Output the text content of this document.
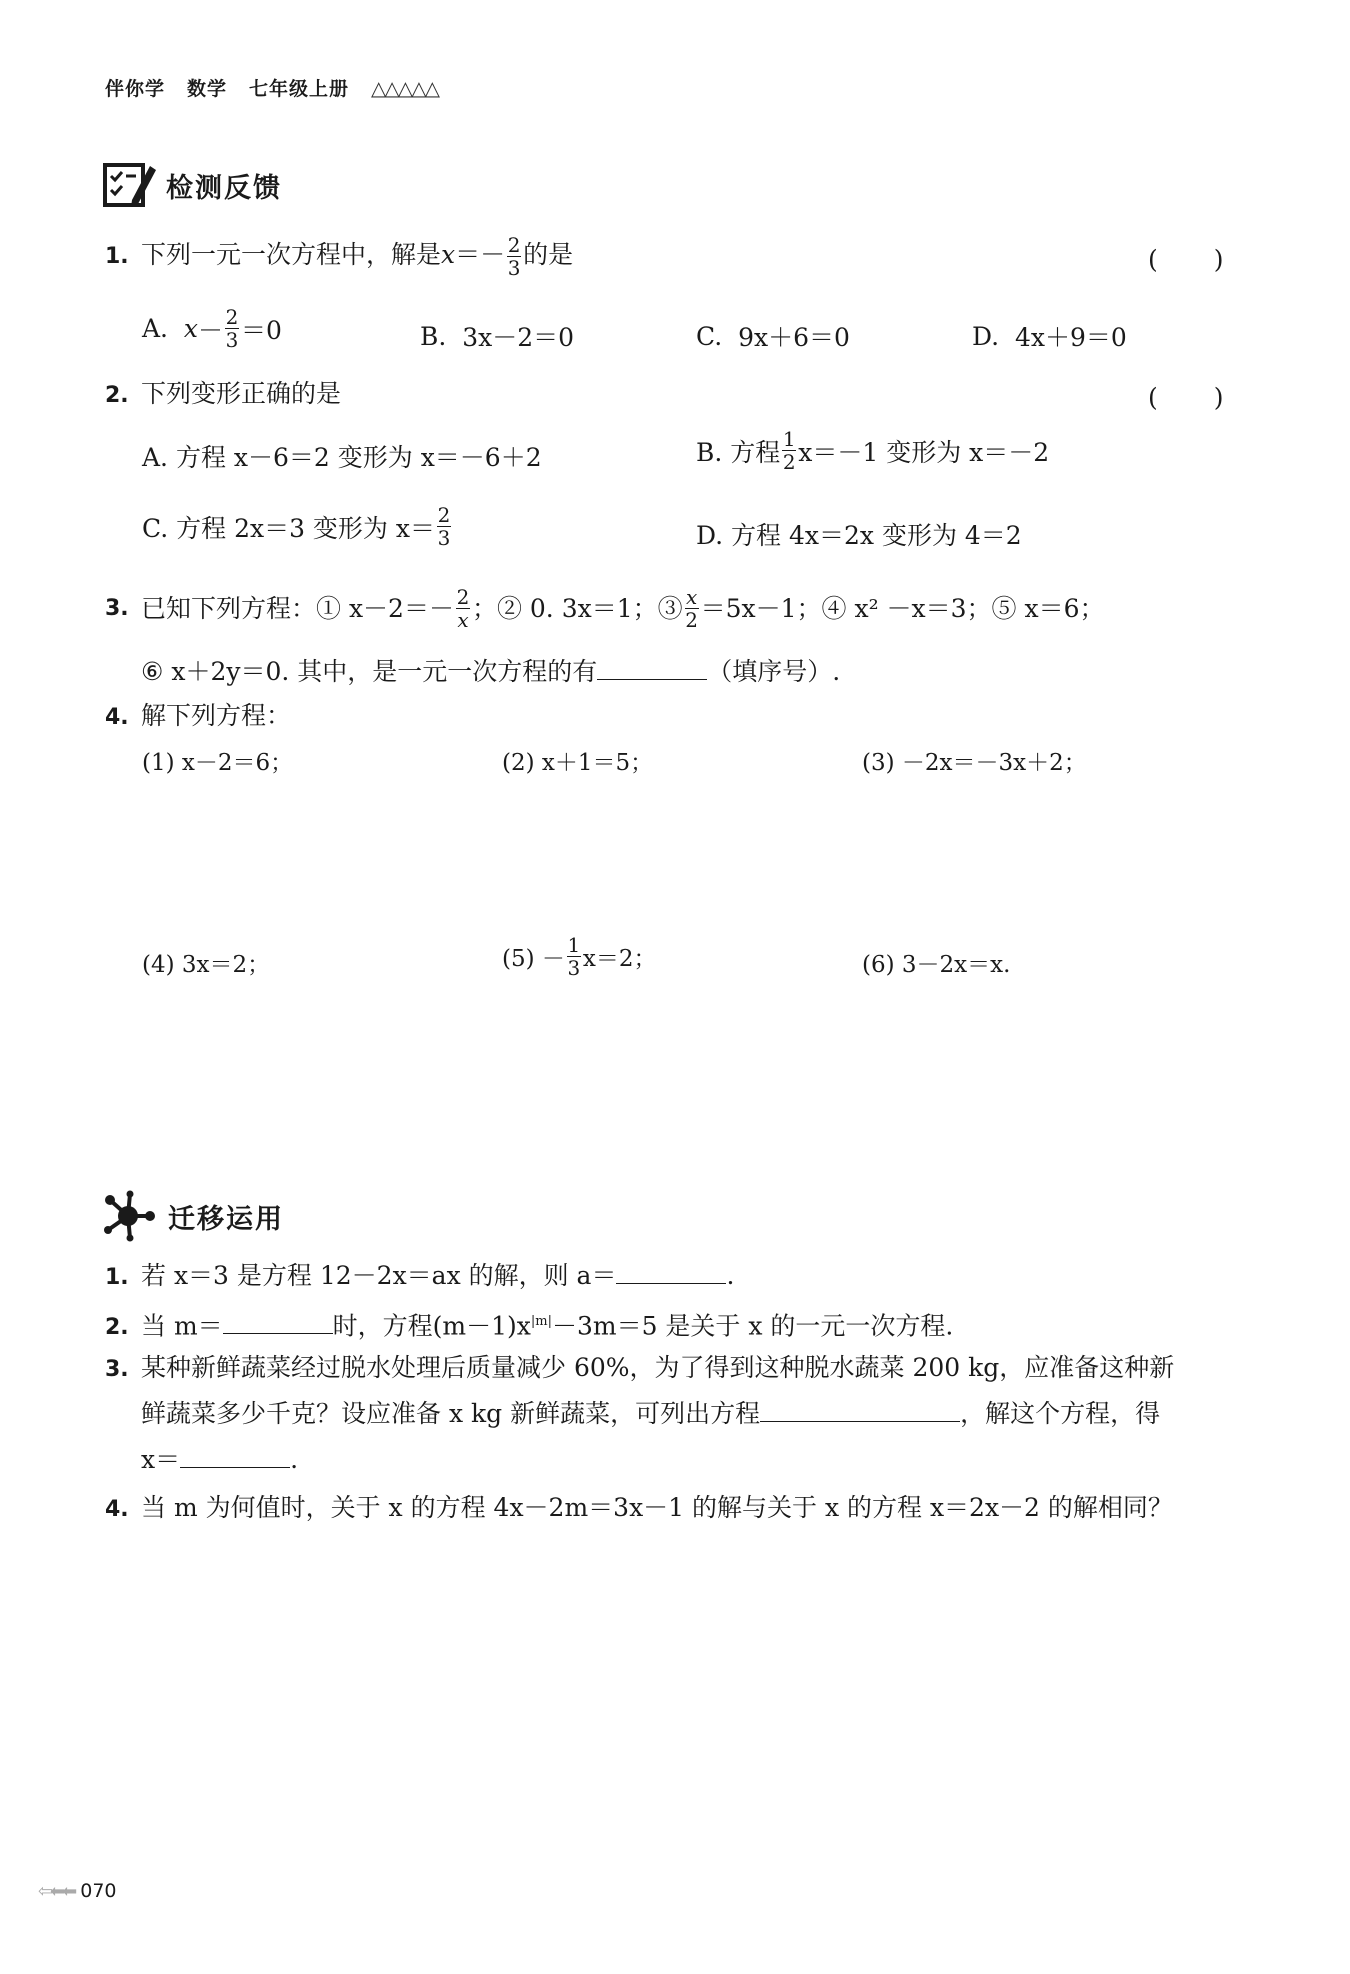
伴你学 数学 七年级上册 △△△△△
检测反馈
1. 下列一元一次方程中，解是$x=- \frac{2}{3}$ 的是	(　　)
A.
$x - \frac{2}{3} =0$	B.
3x－2＝0	C.
9x＋6＝0	D.
4x＋9＝0
2. 下列变形正确的是	(　　)
A. 方程 x－6＝2 变形为 x＝－6＋2	B. 方程 $\frac{1}{2} x=-1$ 变形为 x＝－2
C. 方程 2x＝3 变形为 $x= \frac{2}{3}$	D. 方程 4x＝2x 变形为 4＝2
3. 已知下列方程：① $x-2=- \frac{2}{x}$ ；② 0. 3x＝1；③ $\frac{x}{2} =5x-1$；④ x² －x＝3；⑤ x＝6；
⑥ x＋2y＝0. 其中，是一元一次方程的有	（填序号）.
4. 解下列方程：
(1) x－2＝6；	(2) x＋1＝5；	(3) －2x＝－3x＋2；
(4) 3x＝2；	$(5) - \frac{1}{3} x=2$；	(6) 3－2x＝x.
迁移运用
1. 若 x＝3 是方程 12－2x＝ax 的解，则 a＝	.
2. 当 m＝	时，方程$(m-1)x^{|m|}-3m=5$ 是关于 x 的一元一次方程.
3. 某种新鲜蔬菜经过脱水处理后质量减少 60%，为了得到这种脱水蔬菜 200 kg，应准备这种新
鲜蔬菜多少千克？设应准备 x kg 新鲜蔬菜，可列出方程	，解这个方程，得
x＝	.
4. 当 m 为何值时，关于 x 的方程 4x－2m＝3x－1 的解与关于 x 的方程 x＝2x－2 的解相同？
⇦⬅⬅ 070
